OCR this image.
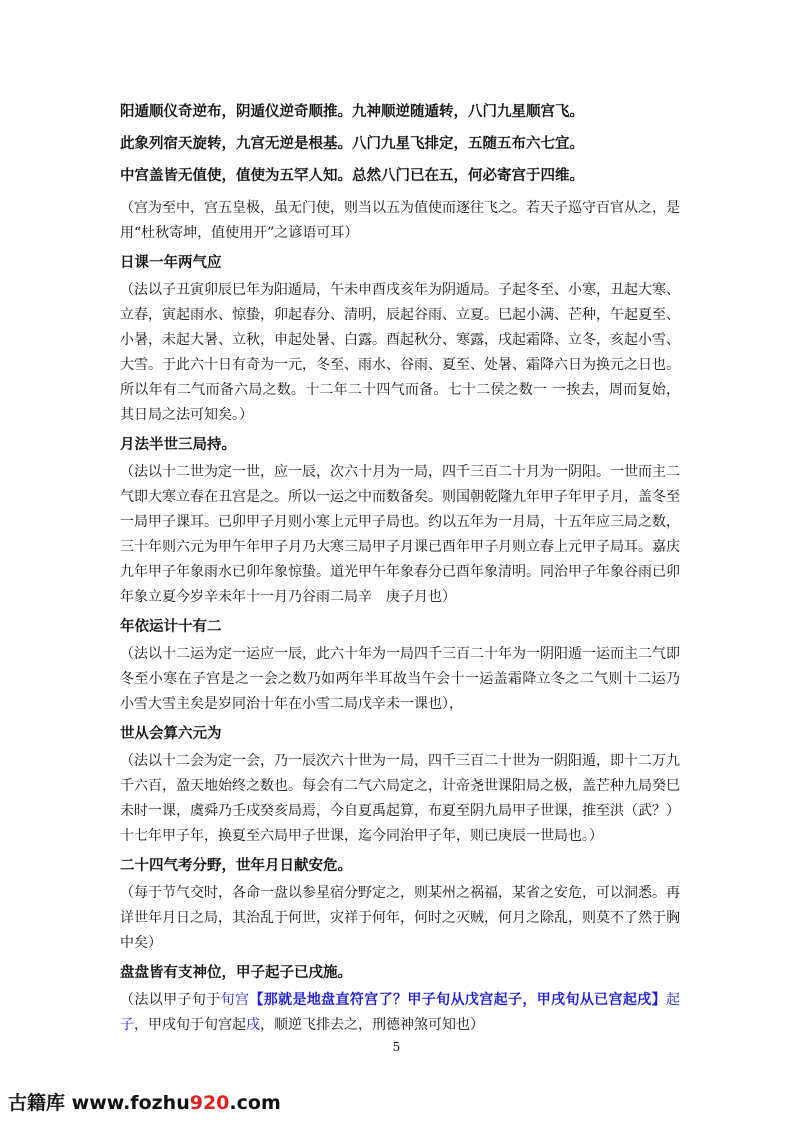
阳遁顺仪奇逆布，阴遁仪逆奇顺推。九神顺逆随遁转，八门九星顺宫飞。

此象列宿天旋转，九宫无逆是根基。八门九星飞排定，五随五布六七宜。

中宫盖皆无值使，值使为五罕人知。总然八门已在五，何必寄宫于四维。

（宫为至中，宫五皇极，虽无门使，则当以五为值使而逐往飞之。若天子巡守百官从之，是
用“杜秋寄坤，值使用开”之谚语可耳）
日课一年两气应
（法以子丑寅卯辰巳年为阳遁局，午未申酉戌亥年为阴遁局。子起冬至、小寒，丑起大寒、
立春，寅起雨水、惊蛰，卯起春分、清明，辰起谷雨、立夏。巳起小满、芒种，午起夏至、
小暑，未起大暑、立秋，申起处暑、白露。酉起秋分、寒露，戌起霜降、立冬，亥起小雪、
大雪。于此六十日有奇为一元，冬至、雨水、谷雨、夏至、处暑、霜降六日为换元之日也。
所以年有二气而备六局之数。十二年二十四气而备。七十二侯之数一 一挨去，周而复始，
其日局之法可知矣。）
月法半世三局持。
（法以十二世为定一世，应一辰，次六十月为一局，四千三百二十月为一阴阳。一世而主二
气即大寒立春在丑宫是之。所以一运之中而数备矣。则国朝乾隆九年甲子年甲子月，盖冬至
一局甲子课耳。已卯甲子月则小寒上元甲子局也。约以五年为一月局，十五年应三局之数，
三十年则六元为甲午年甲子月乃大寒三局甲子月课已酉年甲子月则立春上元甲子局耳。嘉庆
九年甲子年象雨水已卯年象惊蛰。道光甲午年象春分已酉年象清明。同治甲子年象谷雨已卯
年象立夏今岁辛未年十一月乃谷雨二局辛　庚子月也）
年依运计十有二
（法以十二运为定一运应一辰，此六十年为一局四千三百二十年为一阴阳遁一运而主二气即
冬至小寒在子宫是之一会之数乃如两年半耳故当午会十一运盖霜降立冬之二气则十二运乃
小雪大雪主矣是岁同治十年在小雪二局戊辛未一课也），
世从会算六元为
（法以十二会为定一会，乃一辰次六十世为一局，四千三百二十世为一阴阳遁，即十二万九
千六百，盈天地始终之数也。每会有二气六局定之，计帝尧世课阳局之极，盖芒种九局癸巳
未时一课，虞舜乃壬戌癸亥局焉，今自夏禹起算，布夏至阴九局甲子世课，推至洪（武？）
十七年甲子年，换夏至六局甲子世课，迄今同治甲子年，则已庚辰一世局也。）
二十四气考分野，世年月日献安危。
（每于节气交时，各命一盘以参星宿分野定之，则某州之祸福，某省之安危，可以洞悉。再
详世年月日之局，其治乱于何世，灾祥于何年，何时之灭贼，何月之除乱，则莫不了然于胸
中矣）
盘盘皆有支神位，甲子起子已戌施。
（法以甲子旬于旬宫【那就是地盘直符宫了？甲子旬从戊宫起子，甲戌旬从已宫起戌】起
子，甲戌旬于旬宫起戌，顺逆飞排去之，刑德神煞可知也）
5
古籍库 www.fozhu920.com
